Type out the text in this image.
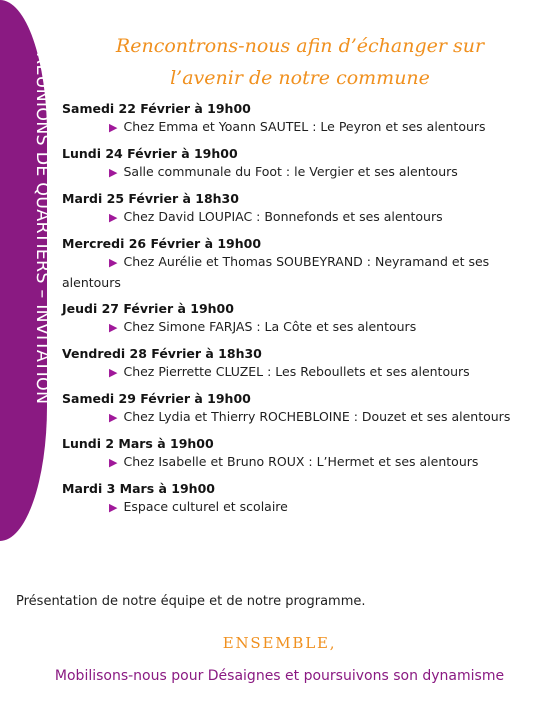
REUNIONS DE QUARTIERS – INVITATION
Rencontrons-nous afin d’échanger sur
l’avenir de notre commune
Samedi 22 Février à 19h00
▶ Chez Emma et Yoann SAUTEL : Le Peyron et ses alentours
Lundi 24 Février à 19h00
▶ Salle communale du Foot : le Vergier et ses alentours
Mardi 25 Février à 18h30
▶ Chez David LOUPIAC : Bonnefonds et ses alentours
Mercredi 26 Février à 19h00
▶ Chez Aurélie et Thomas SOUBEYRAND : Neyramand et ses alentours
Jeudi 27 Février à 19h00
▶ Chez Simone FARJAS : La Côte et ses alentours
Vendredi 28 Février à 18h30
▶ Chez Pierrette CLUZEL : Les Reboullets et ses alentours
Samedi 29 Février à 19h00
▶ Chez Lydia et Thierry ROCHEBLOINE : Douzet et ses alentours
Lundi 2 Mars à 19h00
▶ Chez Isabelle et Bruno ROUX : L’Hermet et ses alentours
Mardi 3 Mars à 19h00
▶ Espace culturel et scolaire
Présentation de notre équipe et de notre programme.
ENSEMBLE,
Mobilisons-nous pour Désaignes et poursuivons son dynamisme
